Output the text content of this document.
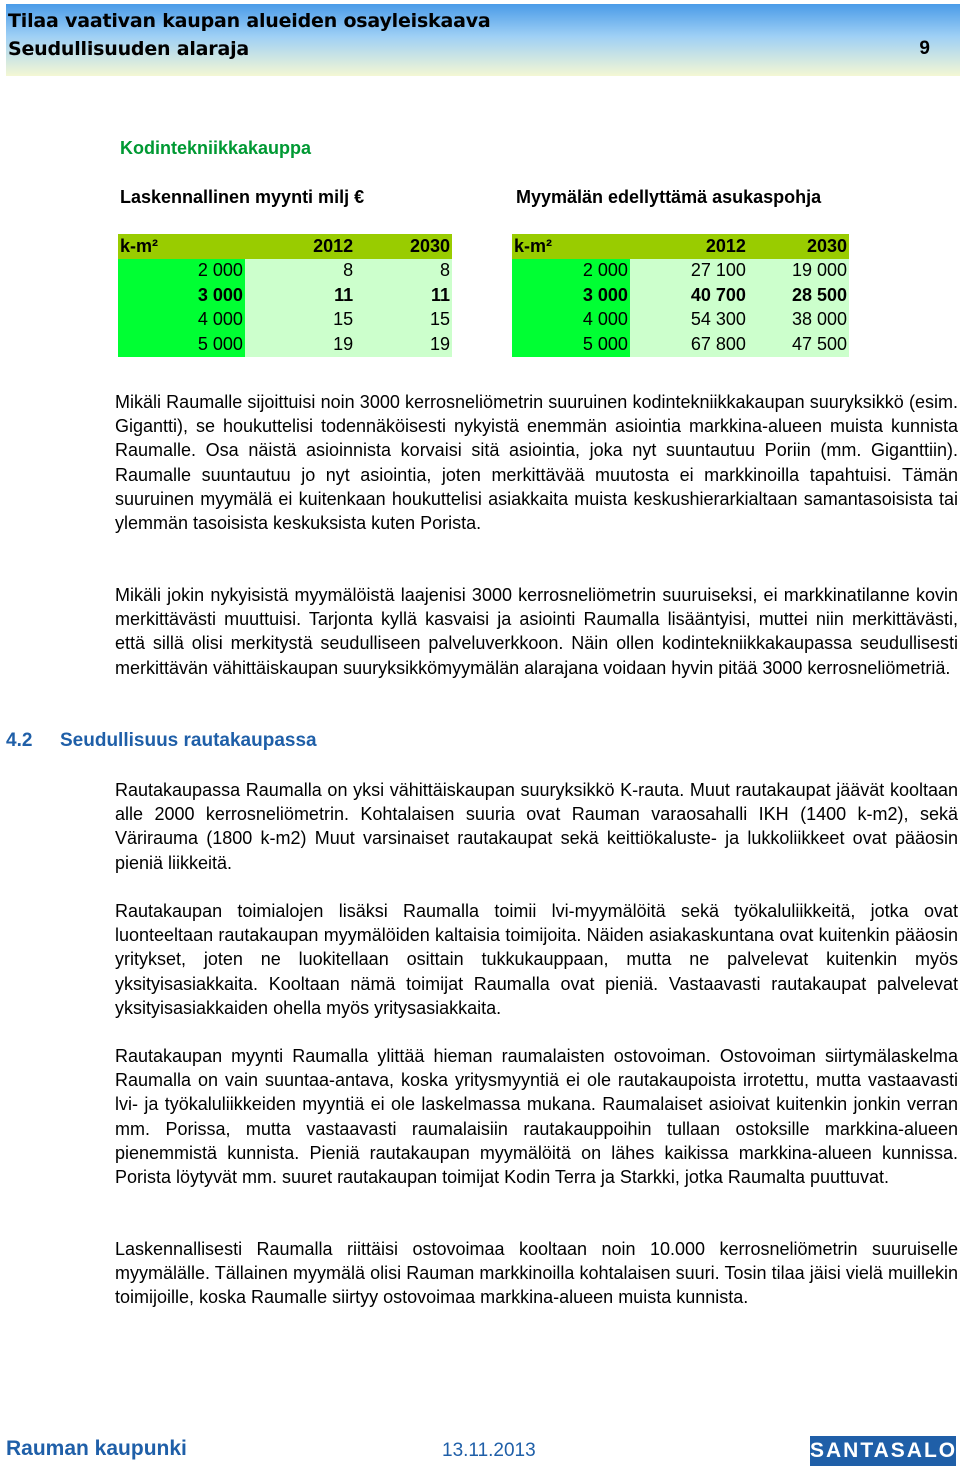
Tilaa vaativan kaupan alueiden osayleiskaava
Seudullisuuden alaraja	9
Kodintekniikkakauppa
Laskennallinen myynti milj €	Myymälän edellyttämä asukaspohja
k-m²	2012	2030
2 000	8	8
3 000	11	11
4 000	15	15
5 000	19	19
k-m²	2012	2030
2 000	27 100	19 000
3 000	40 700	28 500
4 000	54 300	38 000
5 000	67 800	47 500
Mikäli Raumalle sijoittuisi noin 3000 kerrosneliömetrin suuruinen kodintekniikkakaupan suuryksikkö (esim. Gigantti), se houkuttelisi todennäköisesti nykyistä enemmän asiointia markkina-alueen muista kunnista Raumalle. Osa näistä asioinnista korvaisi sitä asiointia, joka nyt suuntautuu Poriin (mm. Giganttiin). Raumalle suuntautuu jo nyt asiointia, joten merkittävää muutosta ei markkinoilla tapahtuisi. Tämän suuruinen myymälä ei kuitenkaan houkuttelisi asiakkaita muista keskushierarkialtaan samantasoisista tai ylemmän tasoisista keskuksista kuten Porista.
Mikäli jokin nykyisistä myymälöistä laajenisi 3000 kerrosneliömetrin suuruiseksi, ei markkinatilanne kovin merkittävästi muuttuisi. Tarjonta kyllä kasvaisi ja asiointi Raumalla lisääntyisi, muttei niin merkittävästi, että sillä olisi merkitystä seudulliseen palveluverkkoon. Näin ollen kodintekniikkakaupassa seudullisesti merkittävän vähittäiskaupan suuryksikkömyymälän alarajana voidaan hyvin pitää 3000 kerrosneliömetriä.
4.2 Seudullisuus rautakaupassa
Rautakaupassa Raumalla on yksi vähittäiskaupan suuryksikkö K-rauta. Muut rautakaupat jäävät kooltaan alle 2000 kerrosneliömetrin. Kohtalaisen suuria ovat Rauman varaosahalli IKH (1400 k-m2), sekä Värirauma (1800 k-m2) Muut varsinaiset rautakaupat sekä keittiökaluste- ja lukkoliikkeet ovat pääosin pieniä liikkeitä.
Rautakaupan toimialojen lisäksi Raumalla toimii lvi-myymälöitä sekä työkaluliikkeitä, jotka ovat luonteeltaan rautakaupan myymälöiden kaltaisia toimijoita. Näiden asiakaskuntana ovat kuitenkin pääosin yritykset, joten ne luokitellaan osittain tukkukauppaan, mutta ne palvelevat kuitenkin myös yksityisasiakkaita. Kooltaan nämä toimijat Raumalla ovat pieniä. Vastaavasti rautakaupat palvelevat yksityisasiakkaiden ohella myös yritysasiakkaita.
Rautakaupan myynti Raumalla ylittää hieman raumalaisten ostovoiman. Ostovoiman siirtymälaskelma Raumalla on vain suuntaa-antava, koska yritysmyyntiä ei ole rautakaupoista irrotettu, mutta vastaavasti lvi- ja työkaluliikkeiden myyntiä ei ole laskelmassa mukana. Raumalaiset asioivat kuitenkin jonkin verran mm. Porissa, mutta vastaavasti raumalaisiin rautakauppoihin tullaan ostoksille markkina-alueen pienemmistä kunnista. Pieniä rautakaupan myymälöitä on lähes kaikissa markkina-alueen kunnissa. Porista löytyvät mm. suuret rautakaupan toimijat Kodin Terra ja Starkki, jotka Raumalta puuttuvat.
Laskennallisesti Raumalla riittäisi ostovoimaa kooltaan noin 10.000 kerrosneliömetrin suuruiselle myymälälle. Tällainen myymälä olisi Rauman markkinoilla kohtalaisen suuri. Tosin tilaa jäisi vielä muillekin toimijoille, koska Raumalle siirtyy ostovoimaa markkina-alueen muista kunnista.
Rauman kaupunki	13.11.2013	SANTASALO
